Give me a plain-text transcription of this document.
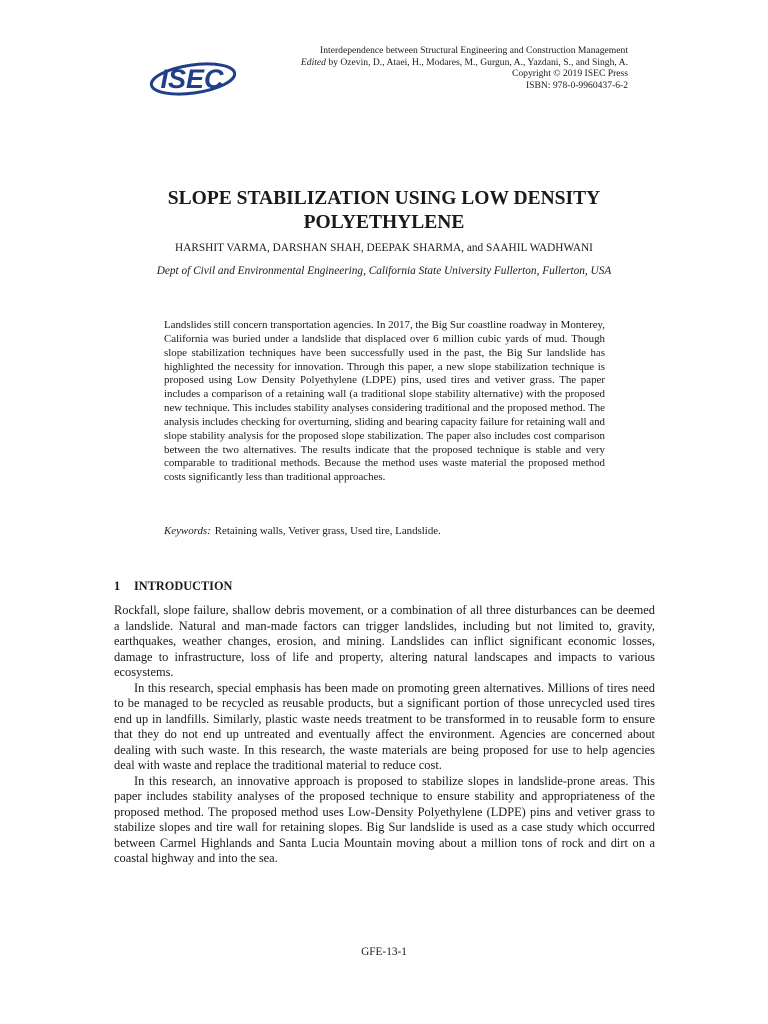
ISEC
Interdependence between Structural Engineering and Construction Management
Edited by Ozevin, D., Ataei, H., Modares, M., Gurgun, A., Yazdani, S., and Singh, A.
Copyright © 2019 ISEC Press
ISBN: 978-0-9960437-6-2
SLOPE STABILIZATION USING LOW DENSITY POLYETHYLENE
HARSHIT VARMA, DARSHAN SHAH, DEEPAK SHARMA, and SAAHIL WADHWANI
Dept of Civil and Environmental Engineering, California State University Fullerton, Fullerton, USA

Landslides still concern transportation agencies. In 2017, the Big Sur coastline roadway in Monterey, California was buried under a landslide that displaced over 6 million cubic yards of mud. Though slope stabilization techniques have been successfully used in the past, the Big Sur landslide has highlighted the necessity for innovation. Through this paper, a new slope stabilization technique is proposed using Low Density Polyethylene (LDPE) pins, used tires and vetiver grass. The paper includes a comparison of a retaining wall (a traditional slope stability alternative) with the proposed new technique. This includes stability analyses considering traditional and the proposed method. The analysis includes checking for overturning, sliding and bearing capacity failure for retaining wall and slope stability analysis for the proposed slope stabilization. The paper also includes cost comparison between the two alternatives. The results indicate that the proposed technique is stable and very comparable to traditional methods. Because the method uses waste material the proposed method costs significantly less than traditional approaches.

Keywords: Retaining walls, Vetiver grass, Used tire, Landslide.
1 INTRODUCTION

Rockfall, slope failure, shallow debris movement, or a combination of all three disturbances can be deemed a landslide. Natural and man-made factors can trigger landslides, including but not limited to, gravity, earthquakes, weather changes, erosion, and mining. Landslides can inflict significant economic losses, damage to infrastructure, loss of life and property, altering natural landscapes and impacts to various ecosystems.

In this research, special emphasis has been made on promoting green alternatives. Millions of tires need to be managed to be recycled as reusable products, but a significant portion of those unrecycled used tires end up in landfills. Similarly, plastic waste needs treatment to be transformed in to reusable form to ensure that they do not end up untreated and eventually affect the environment. Agencies are concerned about dealing with such waste. In this research, the waste materials are being proposed for use to help agencies deal with waste and replace the traditional material to reduce cost.

In this research, an innovative approach is proposed to stabilize slopes in landslide-prone areas. This paper includes stability analyses of the proposed technique to ensure stability and appropriateness of the proposed method. The proposed method uses Low-Density Polyethylene (LDPE) pins and vetiver grass to stabilize slopes and tire wall for retaining slopes. Big Sur landslide is used as a case study which occurred between Carmel Highlands and Santa Lucia Mountain moving about a million tons of rock and dirt on a coastal highway and into the sea.

GFE-13-1
